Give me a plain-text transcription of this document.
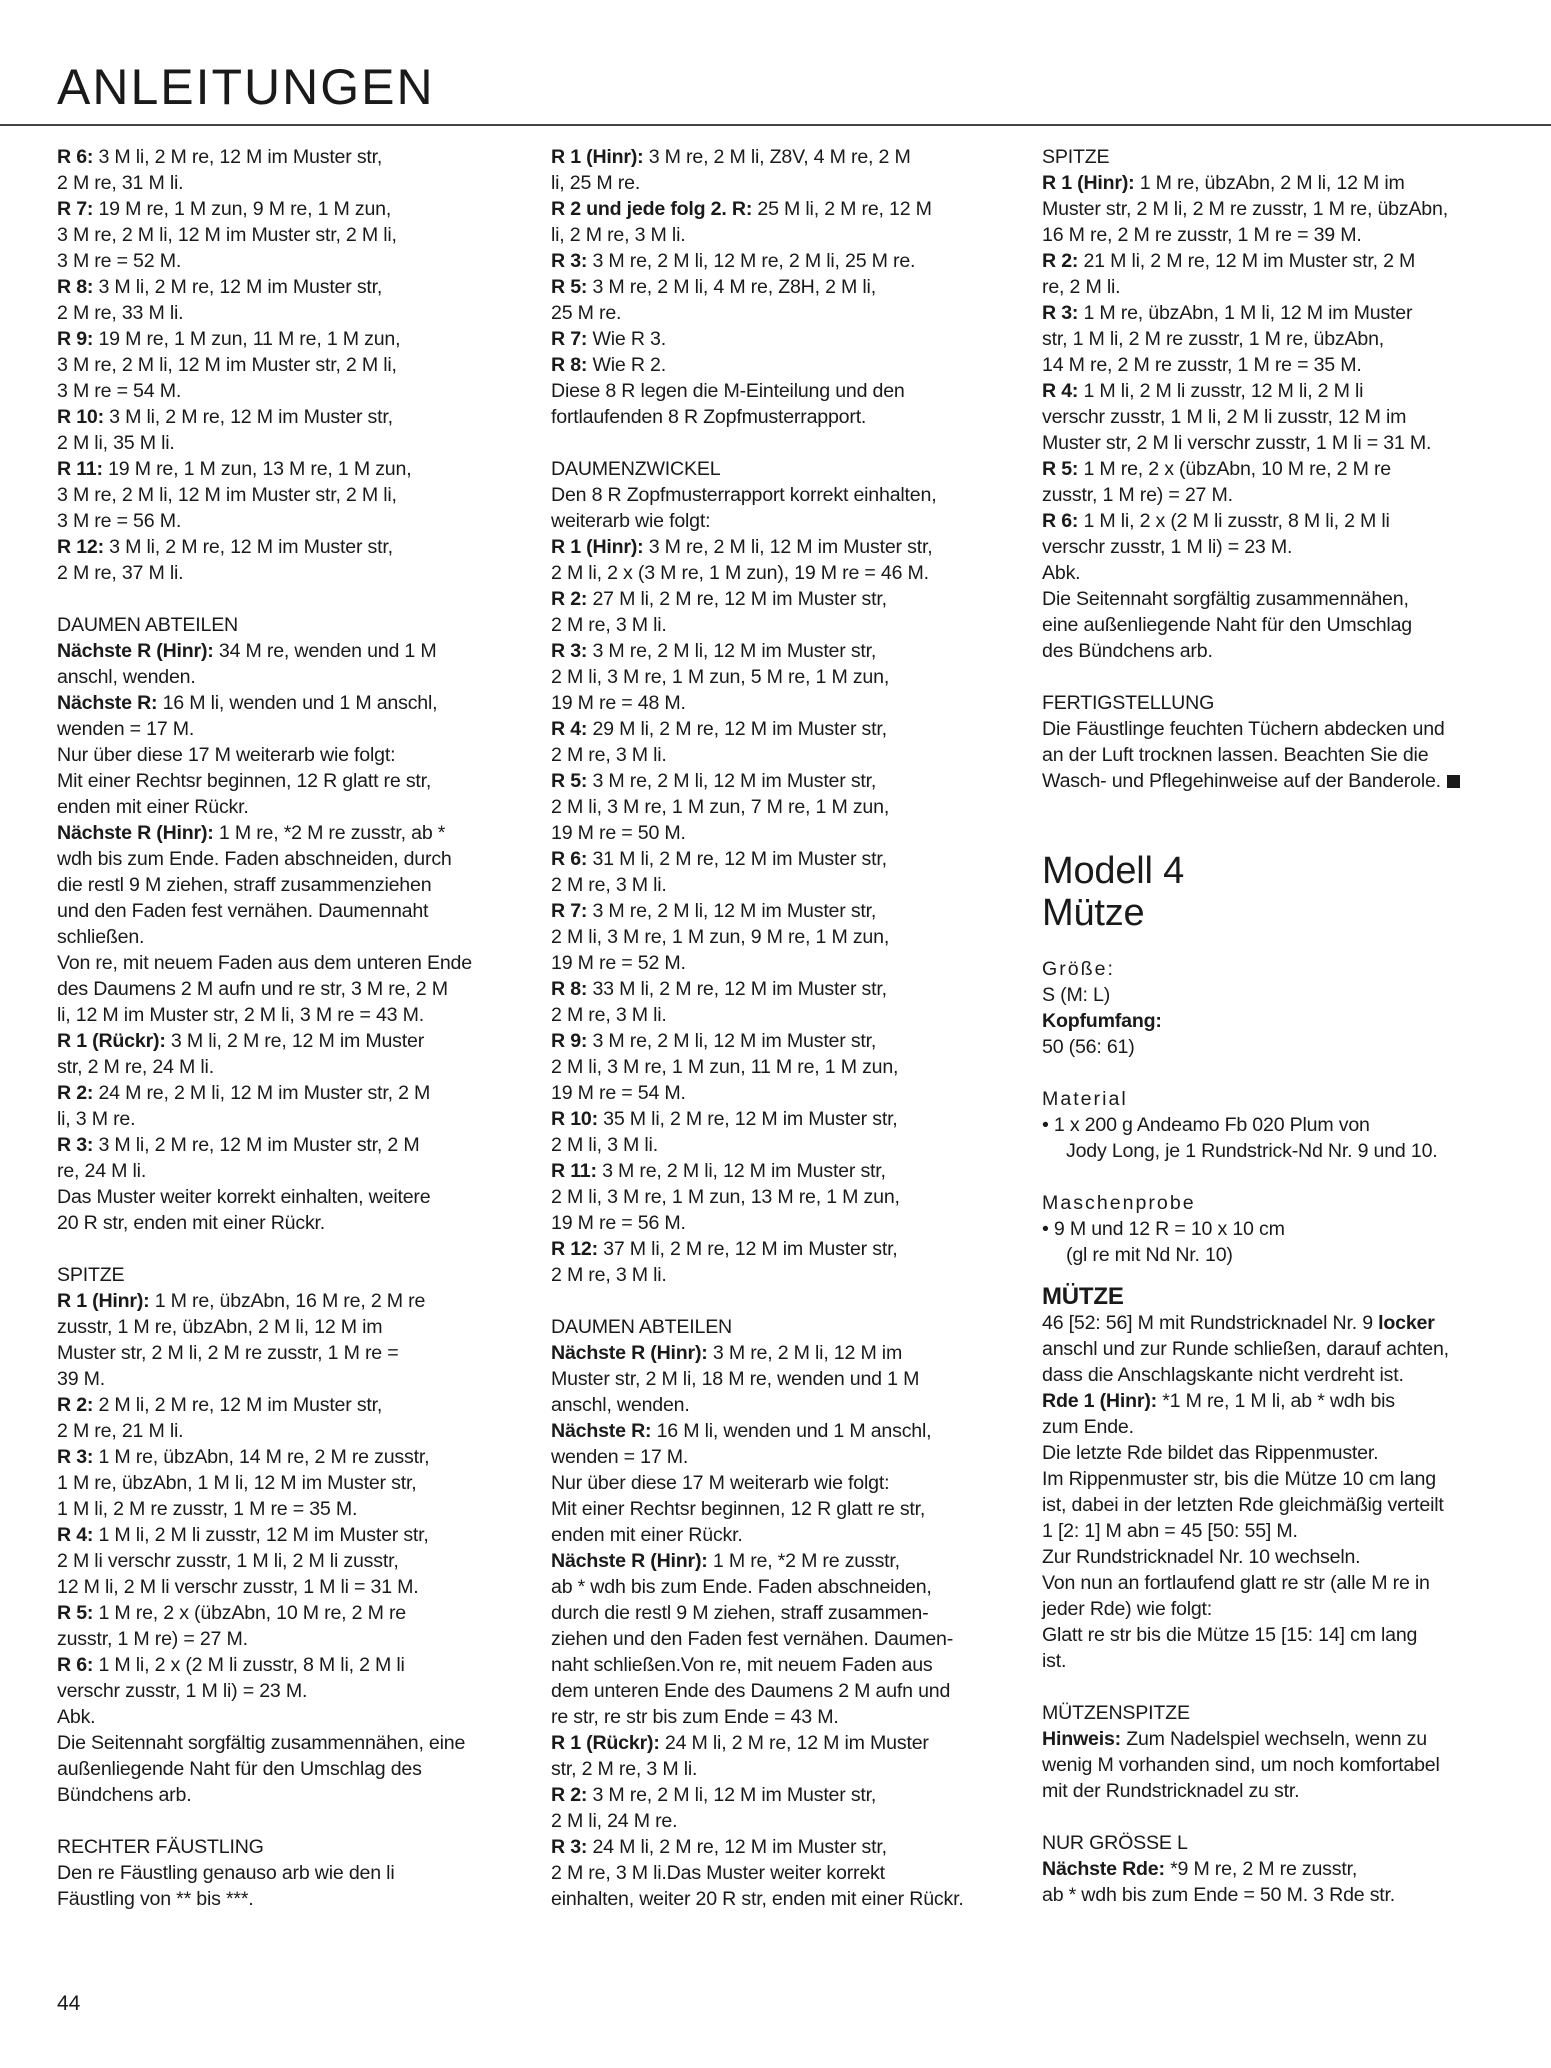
ANLEITUNGEN

R 6: 3 M li, 2 M re, 12 M im Muster str,
2 M re, 31 M li.

R 7: 19 M re, 1 M zun, 9 M re, 1 M zun,
3 M re, 2 M li, 12 M im Muster str, 2 M li,
3 M re = 52 M.

R 8: 3 M li, 2 M re, 12 M im Muster str,
2 M re, 33 M li.

R 9: 19 M re, 1 M zun, 11 M re, 1 M zun,
3 M re, 2 M li, 12 M im Muster str, 2 M li,
3 M re = 54 M.

R 10: 3 M li, 2 M re, 12 M im Muster str,
2 M li, 35 M li.

R 11: 19 M re, 1 M zun, 13 M re, 1 M zun,
3 M re, 2 M li, 12 M im Muster str, 2 M li,
3 M re = 56 M.

R 12: 3 M li, 2 M re, 12 M im Muster str,
2 M re, 37 M li.

DAUMEN ABTEILEN

Nächste R (Hinr): 34 M re, wenden und 1 M
anschl, wenden.

Nächste R: 16 M li, wenden und 1 M anschl,
wenden = 17 M.

Nur über diese 17 M weiterarb wie folgt:
Mit einer Rechtsr beginnen, 12 R glatt re str,
enden mit einer Rückr.

Nächste R (Hinr): 1 M re, *2 M re zusstr, ab *
wdh bis zum Ende. Faden abschneiden, durch
die restl 9 M ziehen, straff zusammenziehen
und den Faden fest vernähen. Daumennaht
schließen.

Von re, mit neuem Faden aus dem unteren Ende
des Daumens 2 M aufn und re str, 3 M re, 2 M
li, 12 M im Muster str, 2 M li, 3 M re = 43 M.

R 1 (Rückr): 3 M li, 2 M re, 12 M im Muster
str, 2 M re, 24 M li.

R 2: 24 M re, 2 M li, 12 M im Muster str, 2 M
li, 3 M re.

R 3: 3 M li, 2 M re, 12 M im Muster str, 2 M
re, 24 M li.

Das Muster weiter korrekt einhalten, weitere
20 R str, enden mit einer Rückr.

SPITZE

R 1 (Hinr): 1 M re, übzAbn, 16 M re, 2 M re
zusstr, 1 M re, übzAbn, 2 M li, 12 M im
Muster str, 2 M li, 2 M re zusstr, 1 M re =
39 M.

R 2: 2 M li, 2 M re, 12 M im Muster str,
2 M re, 21 M li.

R 3: 1 M re, übzAbn, 14 M re, 2 M re zusstr,
1 M re, übzAbn, 1 M li, 12 M im Muster str,
1 M li, 2 M re zusstr, 1 M re = 35 M.

R 4: 1 M li, 2 M li zusstr, 12 M im Muster str,
2 M li verschr zusstr, 1 M li, 2 M li zusstr,
12 M li, 2 M li verschr zusstr, 1 M li = 31 M.

R 5: 1 M re, 2 x (übzAbn, 10 M re, 2 M re
zusstr, 1 M re) = 27 M.

R 6: 1 M li, 2 x (2 M li zusstr, 8 M li, 2 M li
verschr zusstr, 1 M li) = 23 M.

Abk.
Die Seitennaht sorgfältig zusammennähen, eine
außenliegende Naht für den Umschlag des
Bündchens arb.

RECHTER FÄUSTLING
Den re Fäustling genauso arb wie den li
Fäustling von ** bis ***.

R 1 (Hinr): 3 M re, 2 M li, Z8V, 4 M re, 2 M
li, 25 M re.

R 2 und jede folg 2. R: 25 M li, 2 M re, 12 M
li, 2 M re, 3 M li.

R 3: 3 M re, 2 M li, 12 M re, 2 M li, 25 M re.

R 5: 3 M re, 2 M li, 4 M re, Z8H, 2 M li,
25 M re.

R 7: Wie R 3.

R 8: Wie R 2.

Diese 8 R legen die M-Einteilung und den
fortlaufenden 8 R Zopfmusterrapport.

DAUMENZWICKEL

Den 8 R Zopfmusterrapport korrekt einhalten,
weiterarb wie folgt:

R 1 (Hinr): 3 M re, 2 M li, 12 M im Muster str,
2 M li, 2 x (3 M re, 1 M zun), 19 M re = 46 M.

R 2: 27 M li, 2 M re, 12 M im Muster str,
2 M re, 3 M li.

R 3: 3 M re, 2 M li, 12 M im Muster str,
2 M li, 3 M re, 1 M zun, 5 M re, 1 M zun,
19 M re = 48 M.

R 4: 29 M li, 2 M re, 12 M im Muster str,
2 M re, 3 M li.

R 5: 3 M re, 2 M li, 12 M im Muster str,
2 M li, 3 M re, 1 M zun, 7 M re, 1 M zun,
19 M re = 50 M.

R 6: 31 M li, 2 M re, 12 M im Muster str,
2 M re, 3 M li.

R 7: 3 M re, 2 M li, 12 M im Muster str,
2 M li, 3 M re, 1 M zun, 9 M re, 1 M zun,
19 M re = 52 M.

R 8: 33 M li, 2 M re, 12 M im Muster str,
2 M re, 3 M li.

R 9: 3 M re, 2 M li, 12 M im Muster str,
2 M li, 3 M re, 1 M zun, 11 M re, 1 M zun,
19 M re = 54 M.

R 10: 35 M li, 2 M re, 12 M im Muster str,
2 M li, 3 M li.

R 11: 3 M re, 2 M li, 12 M im Muster str,
2 M li, 3 M re, 1 M zun, 13 M re, 1 M zun,
19 M re = 56 M.

R 12: 37 M li, 2 M re, 12 M im Muster str,
2 M re, 3 M li.

DAUMEN ABTEILEN

Nächste R (Hinr): 3 M re, 2 M li, 12 M im
Muster str, 2 M li, 18 M re, wenden und 1 M
anschl, wenden.

Nächste R: 16 M li, wenden und 1 M anschl,
wenden = 17 M.

Nur über diese 17 M weiterarb wie folgt:
Mit einer Rechtsr beginnen, 12 R glatt re str,
enden mit einer Rückr.

Nächste R (Hinr): 1 M re, *2 M re zusstr,
ab * wdh bis zum Ende. Faden abschneiden,
durch die restl 9 M ziehen, straff zusammen-
ziehen und den Faden fest vernähen. Daumen-
naht schließen.Von re, mit neuem Faden aus
dem unteren Ende des Daumens 2 M aufn und
re str, re str bis zum Ende = 43 M.

R 1 (Rückr): 24 M li, 2 M re, 12 M im Muster
str, 2 M re, 3 M li.

R 2: 3 M re, 2 M li, 12 M im Muster str,
2 M li, 24 M re.

R 3: 24 M li, 2 M re, 12 M im Muster str,
2 M re, 3 M li.Das Muster weiter korrekt
einhalten, weiter 20 R str, enden mit einer Rückr.

SPITZE

R 1 (Hinr): 1 M re, übzAbn, 2 M li, 12 M im
Muster str, 2 M li, 2 M re zusstr, 1 M re, übzAbn,
16 M re, 2 M re zusstr, 1 M re = 39 M.

R 2: 21 M li, 2 M re, 12 M im Muster str, 2 M
re, 2 M li.

R 3: 1 M re, übzAbn, 1 M li, 12 M im Muster
str, 1 M li, 2 M re zusstr, 1 M re, übzAbn,
14 M re, 2 M re zusstr, 1 M re = 35 M.

R 4: 1 M li, 2 M li zusstr, 12 M li, 2 M li
verschr zusstr, 1 M li, 2 M li zusstr, 12 M im
Muster str, 2 M li verschr zusstr, 1 M li = 31 M.

R 5: 1 M re, 2 x (übzAbn, 10 M re, 2 M re
zusstr, 1 M re) = 27 M.

R 6: 1 M li, 2 x (2 M li zusstr, 8 M li, 2 M li
verschr zusstr, 1 M li) = 23 M.

Abk.
Die Seitennaht sorgfältig zusammennähen,
eine außenliegende Naht für den Umschlag
des Bündchens arb.

FERTIGSTELLUNG
Die Fäustlinge feuchten Tüchern abdecken und
an der Luft trocknen lassen. Beachten Sie die
Wasch- und Pflegehinweise auf der Banderole.
Modell 4
Mütze
Größe:
S (M: L)
Kopfumfang:
50 (56: 61)
Material
• 1 x 200 g Andeamo Fb 020 Plum von
Jody Long, je 1 Rundstrick-Nd Nr. 9 und 10.
Maschenprobe
• 9 M und 12 R = 10 x 10 cm
(gl re mit Nd Nr. 10)
MÜTZE

46 [52: 56] M mit Rundstricknadel Nr. 9 locker
anschl und zur Runde schließen, darauf achten,
dass die Anschlagskante nicht verdreht ist.

Rde 1 (Hinr): *1 M re, 1 M li, ab * wdh bis
zum Ende.

Die letzte Rde bildet das Rippenmuster.
Im Rippenmuster str, bis die Mütze 10 cm lang
ist, dabei in der letzten Rde gleichmäßig verteilt
1 [2: 1] M abn = 45 [50: 55] M.
Zur Rundstricknadel Nr. 10 wechseln.
Von nun an fortlaufend glatt re str (alle M re in
jeder Rde) wie folgt:
Glatt re str bis die Mütze 15 [15: 14] cm lang
ist.

MÜTZENSPITZE

Hinweis: Zum Nadelspiel wechseln, wenn zu
wenig M vorhanden sind, um noch komfortabel
mit der Rundstricknadel zu str.

NUR GRÖSSE L

Nächste Rde: *9 M re, 2 M re zusstr,
ab * wdh bis zum Ende = 50 M. 3 Rde str.

44
